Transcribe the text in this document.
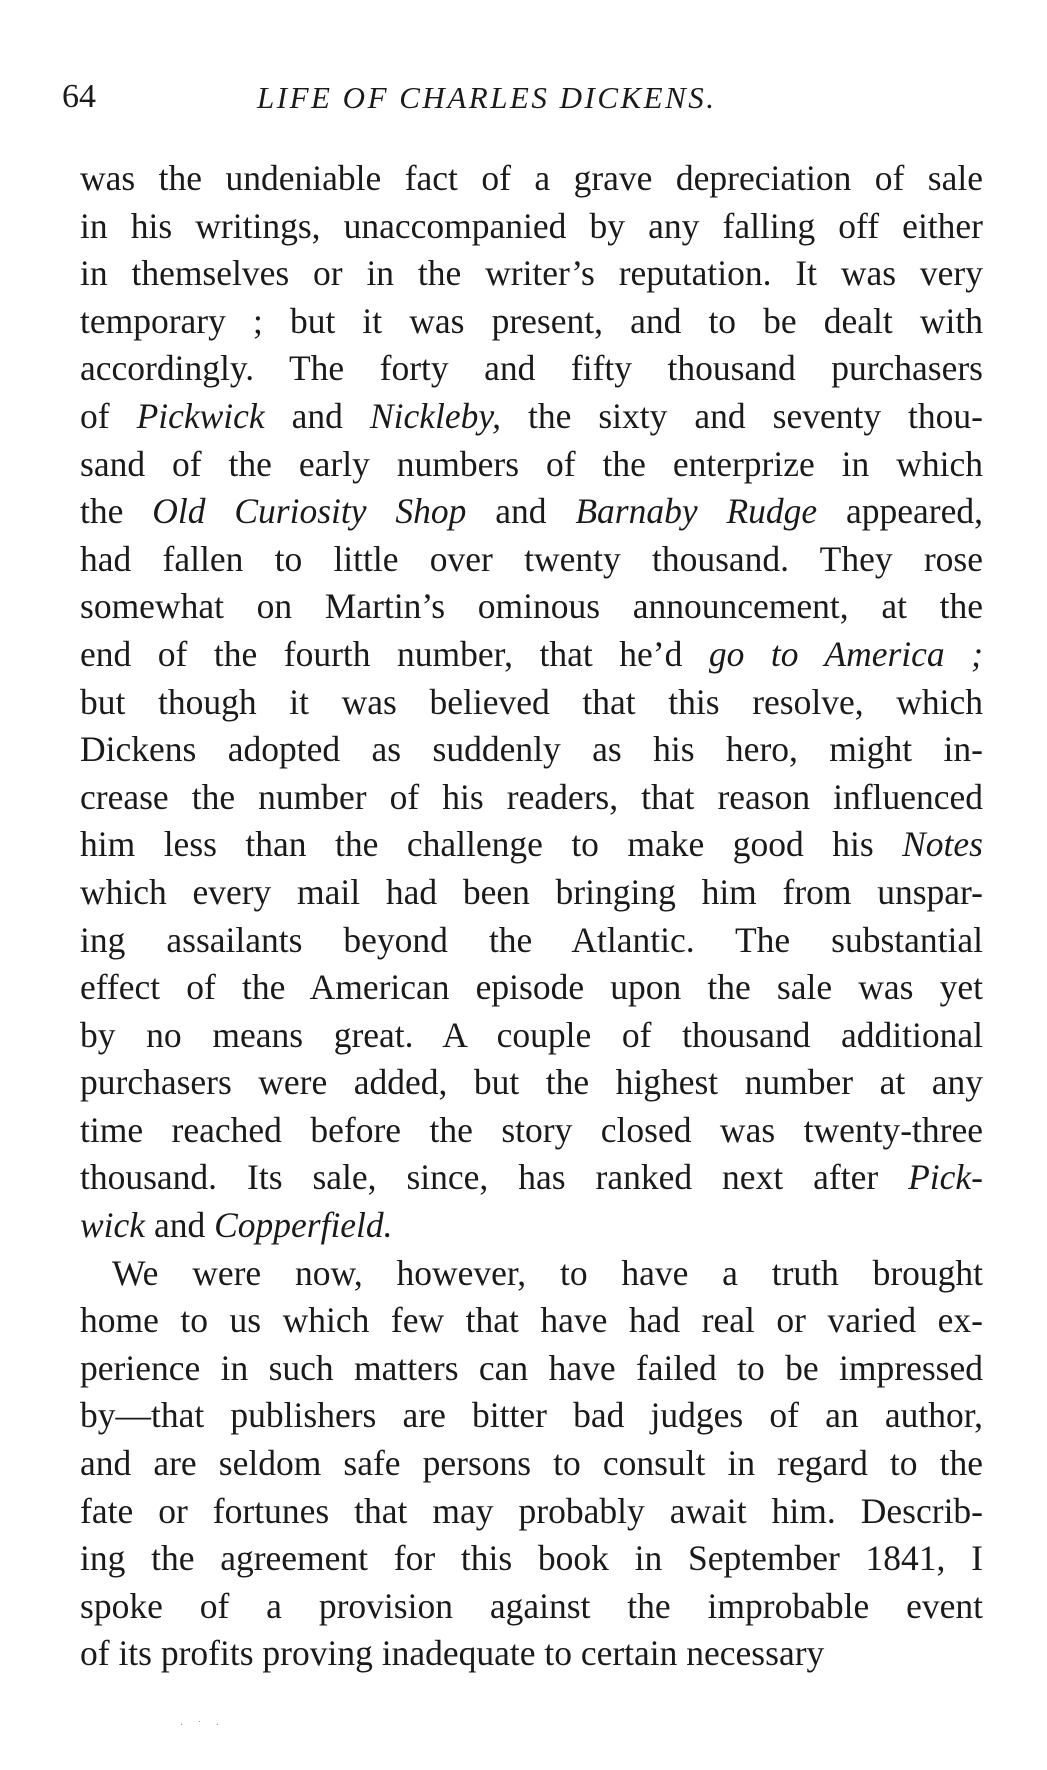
64	LIFE OF CHARLES DICKENS.
was the undeniable fact of a grave depreciation of sale
in his writings, unaccompanied by any falling off either
in themselves or in the writer’s reputation. It was very
temporary ; but it was present, and to be dealt with
accordingly. The forty and fifty thousand purchasers
of Pickwick and Nickleby, the sixty and seventy thou-
sand of the early numbers of the enterprize in which
the Old Curiosity Shop and Barnaby Rudge appeared,
had fallen to little over twenty thousand. They rose
somewhat on Martin’s ominous announcement, at the
end of the fourth number, that he’d go to America ;
but though it was believed that this resolve, which
Dickens adopted as suddenly as his hero, might in-
crease the number of his readers, that reason influenced
him less than the challenge to make good his Notes
which every mail had been bringing him from unspar-
ing assailants beyond the Atlantic. The substantial
effect of the American episode upon the sale was yet
by no means great. A couple of thousand additional
purchasers were added, but the highest number at any
time reached before the story closed was twenty-three
thousand. Its sale, since, has ranked next after Pick-
wick and Copperfield.
We were now, however, to have a truth brought
home to us which few that have had real or varied ex-
perience in such matters can have failed to be impressed
by—that publishers are bitter bad judges of an author,
and are seldom safe persons to consult in regard to the
fate or fortunes that may probably await him. Describ-
ing the agreement for this book in September 1841, I
spoke of a provision against the improbable event
of its profits proving inadequate to certain necessary
· ˙ ·
